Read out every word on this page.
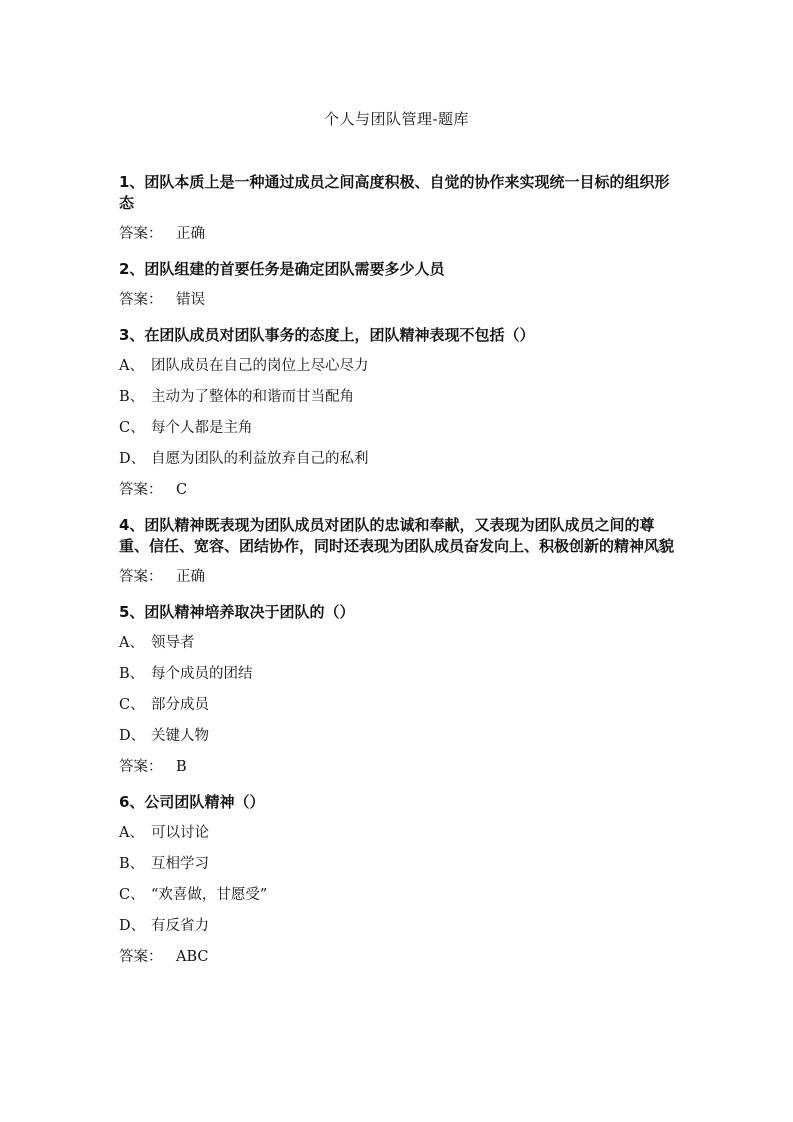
个人与团队管理-题库
1、团队本质上是一种通过成员之间高度积极、自觉的协作来实现统一目标的组织形态
答案： 正确
2、团队组建的首要任务是确定团队需要多少人员
答案： 错误
3、在团队成员对团队事务的态度上，团队精神表现不包括（）
A、 团队成员在自己的岗位上尽心尽力
B、 主动为了整体的和谐而甘当配角
C、 每个人都是主角
D、 自愿为团队的利益放弃自己的私利
答案： C
4、团队精神既表现为团队成员对团队的忠诚和奉献，又表现为团队成员之间的尊重、信任、宽容、团结协作，同时还表现为团队成员奋发向上、积极创新的精神风貌
答案： 正确
5、团队精神培养取决于团队的（）
A、 领导者
B、 每个成员的团结
C、 部分成员
D、 关键人物
答案： B
6、公司团队精神（）
A、 可以讨论
B、 互相学习
C、 “欢喜做，甘愿受”
D、 有反省力
答案： ABC
